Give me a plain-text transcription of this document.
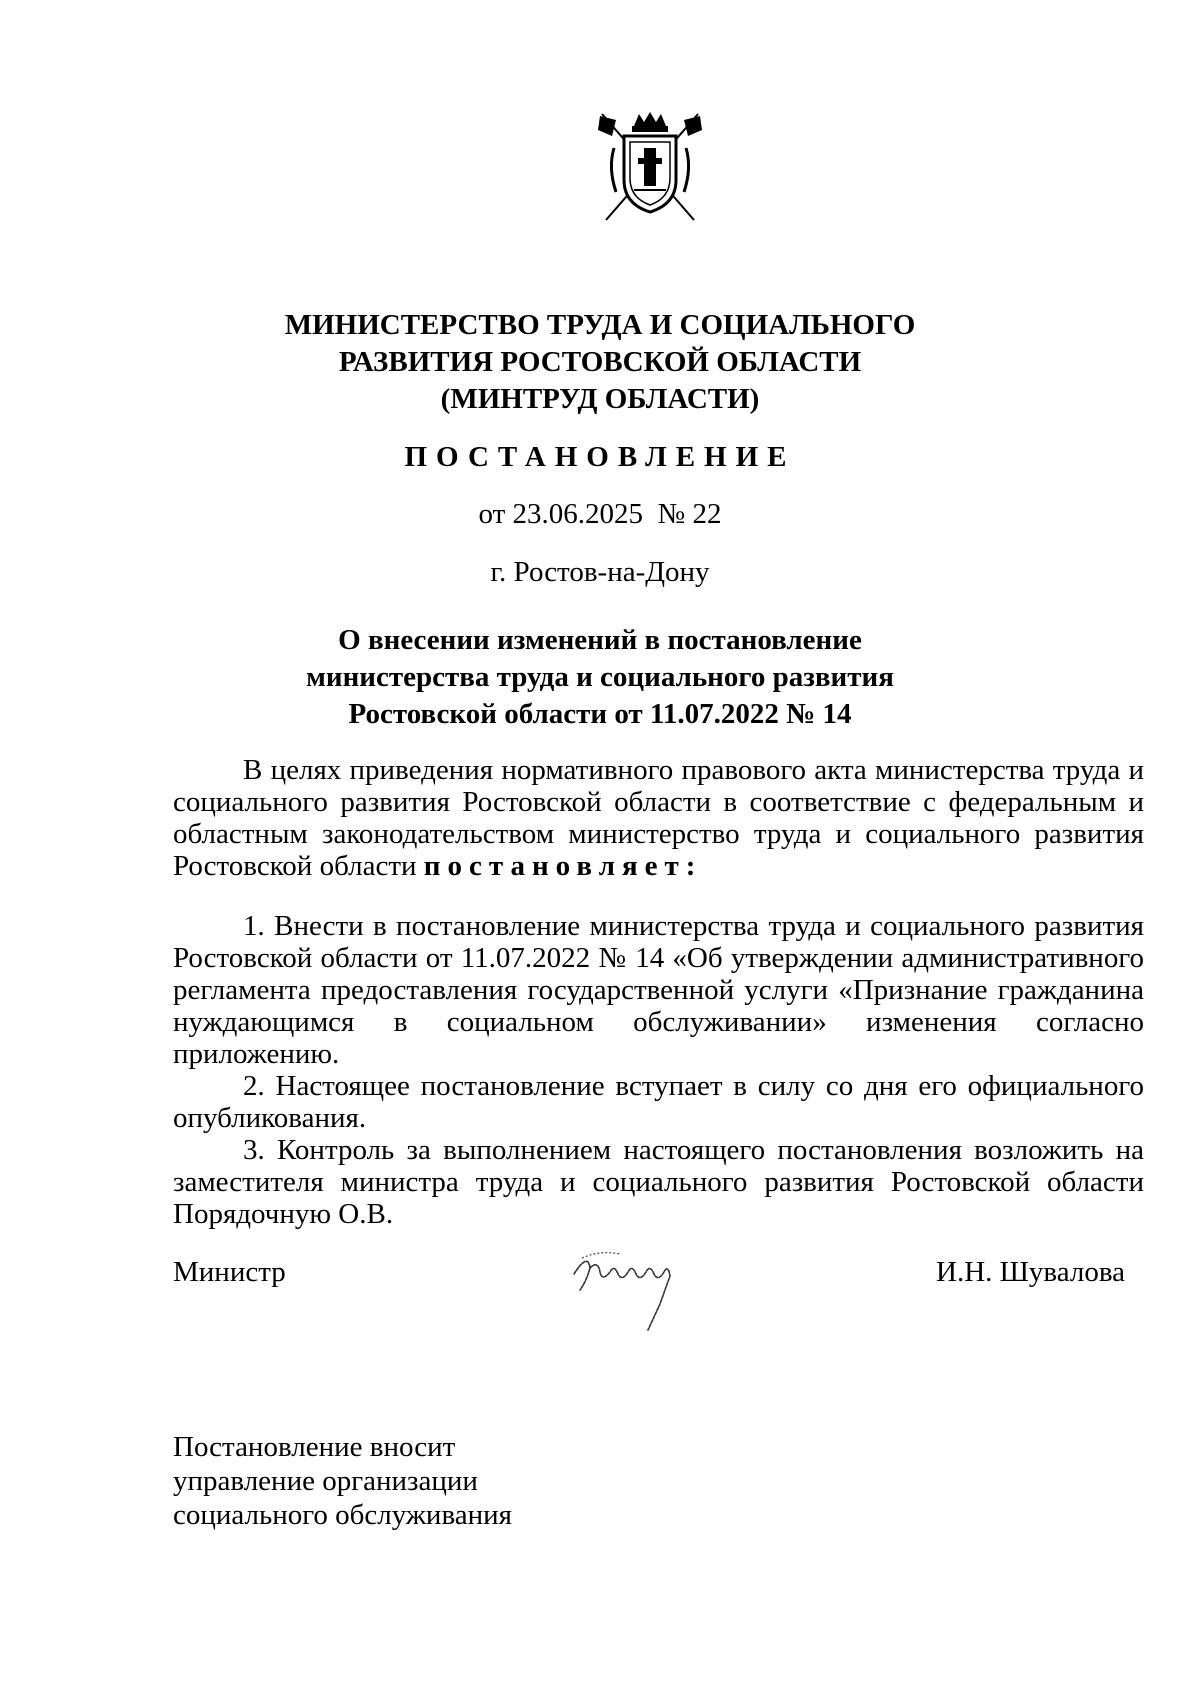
МИНИСТЕРСТВО ТРУДА И СОЦИАЛЬНОГО
РАЗВИТИЯ РОСТОВСКОЙ ОБЛАСТИ
(МИНТРУД ОБЛАСТИ)
ПОСТАНОВЛЕНИЕ
от 23.06.2025  № 22
г. Ростов-на-Дону
О внесении изменений в постановление
министерства труда и социального развития
Ростовской области от 11.07.2022 № 14

В целях приведения нормативного правового акта министерства труда и социального развития Ростовской области в соответствие с федеральным и областным законодательством министерство труда и социального развития Ростовской области постановляет:

1. Внести в постановление министерства труда и социального развития Ростовской области от 11.07.2022 № 14 «Об утверждении административного регламента предоставления государственной услуги «Признание гражданина нуждающимся в социальном обслуживании» изменения согласно приложению.

2. Настоящее постановление вступает в силу со дня его официального опубликования.

3. Контроль за выполнением настоящего постановления возложить на заместителя министра труда и социального развития Ростовской области Порядочную О.В.

Министр	И.Н. Шувалова
Постановление вносит
управление организации
социального обслуживания
